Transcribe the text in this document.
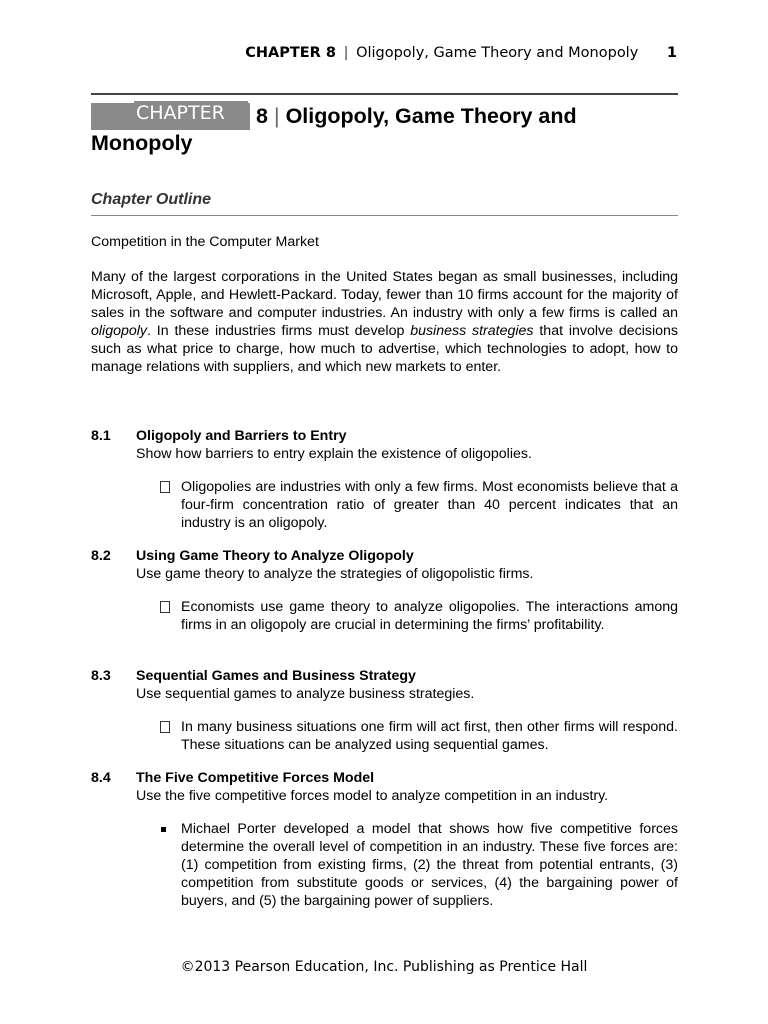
CHAPTER 8 | Oligopoly, Game Theory and Monopoly 1
CHAPTER	8 | Oligopoly, Game Theory and Monopoly
Chapter Outline

Competition in the Computer Market

Many of the largest corporations in the United States began as small businesses, including Microsoft, Apple, and Hewlett-Packard. Today, fewer than 10 firms account for the majority of sales in the software and computer industries. An industry with only a few firms is called an oligopoly. In these industries firms must develop business strategies that involve decisions such as what price to charge, how much to advertise, which technologies to adopt, how to manage relations with suppliers, and which new markets to enter.

8.1 Oligopoly and Barriers to Entry

Show how barriers to entry explain the existence of oligopolies.

Oligopolies are industries with only a few firms. Most economists believe that a four-firm concentration ratio of greater than 40 percent indicates that an industry is an oligopoly.
8.2 Using Game Theory to Analyze Oligopoly

Use game theory to analyze the strategies of oligopolistic firms.

Economists use game theory to analyze oligopolies. The interactions among firms in an oligopoly are crucial in determining the firms’ profitability.
8.3 Sequential Games and Business Strategy

Use sequential games to analyze business strategies.

In many business situations one firm will act first, then other firms will respond. These situations can be analyzed using sequential games.
8.4 The Five Competitive Forces Model

Use the five competitive forces model to analyze competition in an industry.

Michael Porter developed a model that shows how five competitive forces determine the overall level of competition in an industry. These five forces are: (1) competition from existing firms, (2) the threat from potential entrants, (3) competition from substitute goods or services, (4) the bargaining power of buyers, and (5) the bargaining power of suppliers.
©2013 Pearson Education, Inc. Publishing as Prentice Hall
